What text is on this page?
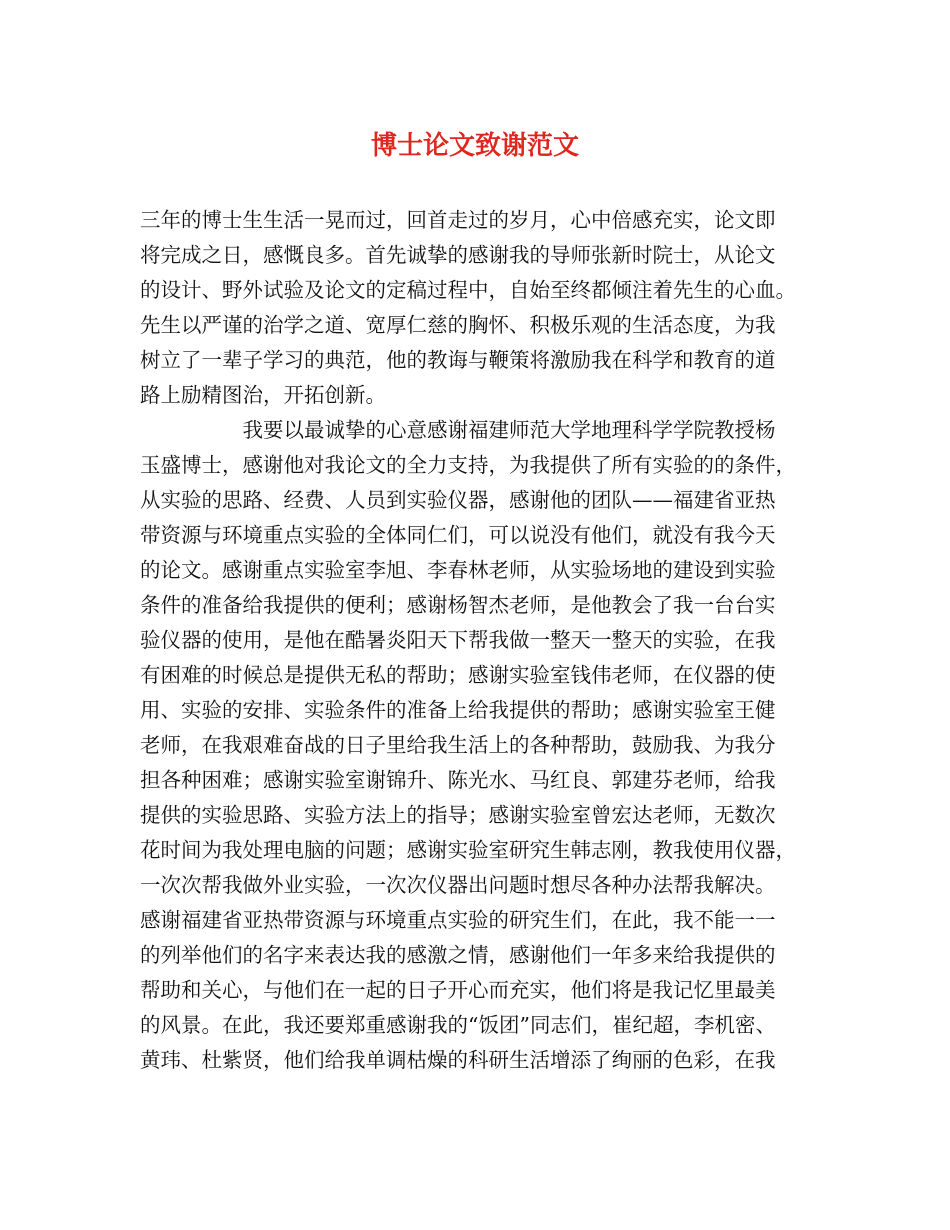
博士论文致谢范文
三年的博士生生活一晃而过，回首走过的岁月，心中倍感充实，论文即
将完成之日，感慨良多。首先诚挚的感谢我的导师张新时院士，从论文
的设计、野外试验及论文的定稿过程中，自始至终都倾注着先生的心血。
先生以严谨的治学之道、宽厚仁慈的胸怀、积极乐观的生活态度，为我
树立了一辈子学习的典范，他的教诲与鞭策将激励我在科学和教育的道
路上励精图治，开拓创新。
　　　　　我要以最诚挚的心意感谢福建师范大学地理科学学院教授杨
玉盛博士，感谢他对我论文的全力支持，为我提供了所有实验的的条件，
从实验的思路、经费、人员到实验仪器，感谢他的团队——福建省亚热
带资源与环境重点实验的全体同仁们，可以说没有他们，就没有我今天
的论文。感谢重点实验室李旭、李春林老师，从实验场地的建设到实验
条件的准备给我提供的便利；感谢杨智杰老师，是他教会了我一台台实
验仪器的使用，是他在酷暑炎阳天下帮我做一整天一整天的实验，在我
有困难的时候总是提供无私的帮助；感谢实验室钱伟老师，在仪器的使
用、实验的安排、实验条件的准备上给我提供的帮助；感谢实验室王健
老师，在我艰难奋战的日子里给我生活上的各种帮助，鼓励我、为我分
担各种困难；感谢实验室谢锦升、陈光水、马红良、郭建芬老师，给我
提供的实验思路、实验方法上的指导；感谢实验室曾宏达老师，无数次
花时间为我处理电脑的问题；感谢实验室研究生韩志刚，教我使用仪器，
一次次帮我做外业实验，一次次仪器出问题时想尽各种办法帮我解决。
感谢福建省亚热带资源与环境重点实验的研究生们，在此，我不能一一
的列举他们的名字来表达我的感激之情，感谢他们一年多来给我提供的
帮助和关心，与他们在一起的日子开心而充实，他们将是我记忆里最美
的风景。在此，我还要郑重感谢我的“饭团”同志们，崔纪超，李机密、
黄玮、杜紫贤，他们给我单调枯燥的科研生活增添了绚丽的色彩，在我
